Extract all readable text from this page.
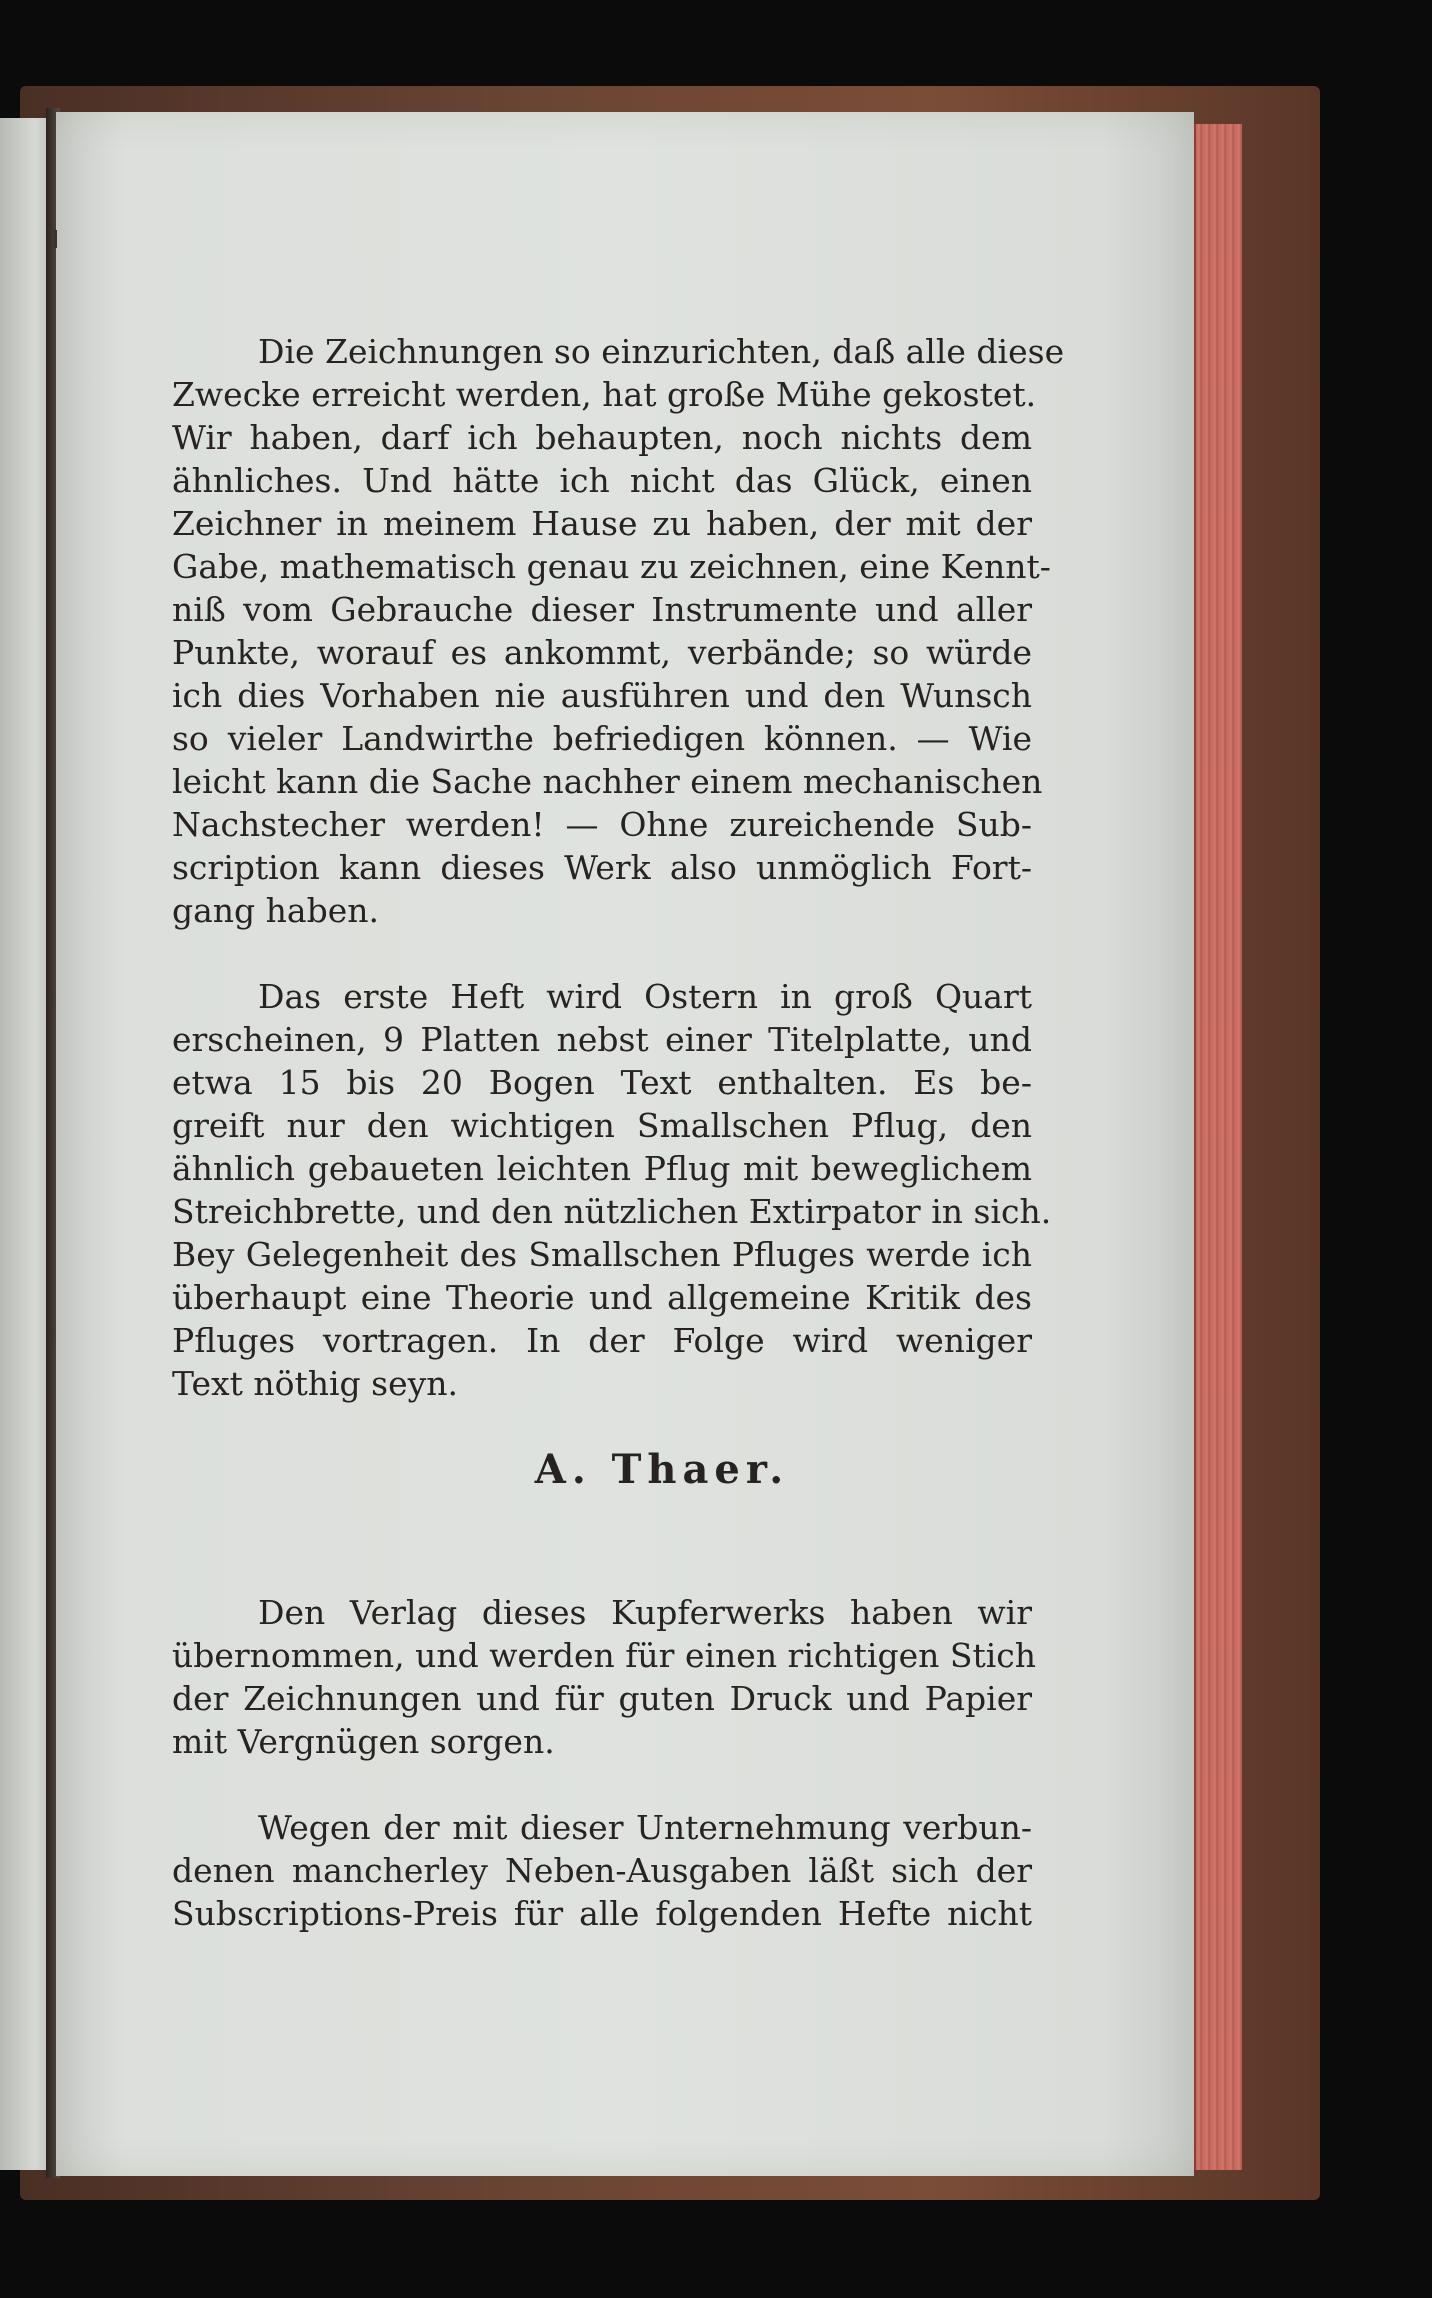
Die Zeichnungen so einzurichten, daß alle diese

Zwecke erreicht werden, hat große Mühe gekostet.

Wir haben, darf ich behaupten, noch nichts dem

ähnliches. Und hätte ich nicht das Glück, einen

Zeichner in meinem Hause zu haben, der mit der

Gabe, mathematisch genau zu zeichnen, eine Kennt-

niß vom Gebrauche dieser Instrumente und aller

Punkte, worauf es ankommt, verbände; so würde

ich dies Vorhaben nie ausführen und den Wunsch

so vieler Landwirthe befriedigen können. — Wie

leicht kann die Sache nachher einem mechanischen

Nachstecher werden! — Ohne zureichende Sub-

scription kann dieses Werk also unmöglich Fort-

gang haben.

Das erste Heft wird Ostern in groß Quart

erscheinen, 9 Platten nebst einer Titelplatte, und

etwa 15 bis 20 Bogen Text enthalten. Es be-

greift nur den wichtigen Smallschen Pflug, den

ähnlich gebaueten leichten Pflug mit beweglichem

Streichbrette, und den nützlichen Extirpator in sich.

Bey Gelegenheit des Smallschen Pfluges werde ich

überhaupt eine Theorie und allgemeine Kritik des

Pfluges vortragen. In der Folge wird weniger

Text nöthig seyn.

A. Thaer.

Den Verlag dieses Kupferwerks haben wir

übernommen, und werden für einen richtigen Stich

der Zeichnungen und für guten Druck und Papier

mit Vergnügen sorgen.

Wegen der mit dieser Unternehmung verbun-

denen mancherley Neben-Ausgaben läßt sich der

Subscriptions-Preis für alle folgenden Hefte nicht
